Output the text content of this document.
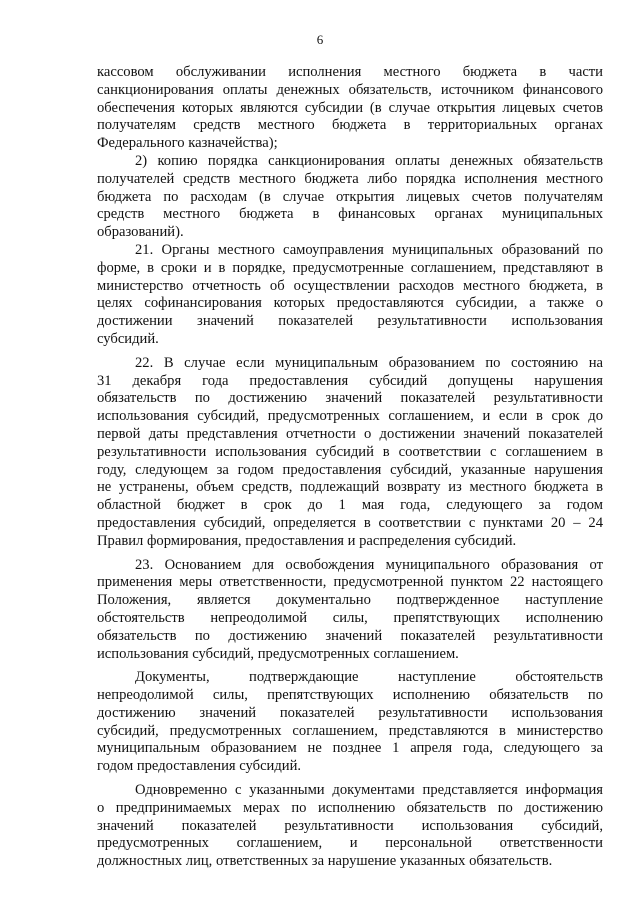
6
кассовом обслуживании исполнения местного бюджета в части
санкционирования оплаты денежных обязательств, источником финансового
обеспечения которых являются субсидии (в случае открытия лицевых счетов
получателям средств местного бюджета в территориальных органах
Федерального казначейства);
2) копию порядка санкционирования оплаты денежных обязательств
получателей средств местного бюджета либо порядка исполнения местного
бюджета по расходам (в случае открытия лицевых счетов получателям
средств местного бюджета в финансовых органах муниципальных
образований).
21. Органы местного самоуправления муниципальных образований по
форме, в сроки и в порядке, предусмотренные соглашением, представляют в
министерство отчетность об осуществлении расходов местного бюджета, в
целях софинансирования которых предоставляются субсидии, а также о
достижении значений показателей результативности использования
субсидий.
22. В случае если муниципальным образованием по состоянию на
31 декабря года предоставления субсидий допущены нарушения
обязательств по достижению значений показателей результативности
использования субсидий, предусмотренных соглашением, и если в срок до
первой даты представления отчетности о достижении значений показателей
результативности использования субсидий в соответствии с соглашением в
году, следующем за годом предоставления субсидий, указанные нарушения
не устранены, объем средств, подлежащий возврату из местного бюджета в
областной бюджет в срок до 1 мая года, следующего за годом
предоставления субсидий, определяется в соответствии с пунктами 20 – 24
Правил формирования, предоставления и распределения субсидий.
23. Основанием для освобождения муниципального образования от
применения меры ответственности, предусмотренной пунктом 22 настоящего
Положения, является документально подтвержденное наступление
обстоятельств непреодолимой силы, препятствующих исполнению
обязательств по достижению значений показателей результативности
использования субсидий, предусмотренных соглашением.
Документы, подтверждающие наступление обстоятельств
непреодолимой силы, препятствующих исполнению обязательств по
достижению значений показателей результативности использования
субсидий, предусмотренных соглашением, представляются в министерство
муниципальным образованием не позднее 1 апреля года, следующего за
годом предоставления субсидий.
Одновременно с указанными документами представляется информация
о предпринимаемых мерах по исполнению обязательств по достижению
значений показателей результативности использования субсидий,
предусмотренных соглашением, и персональной ответственности
должностных лиц, ответственных за нарушение указанных обязательств.
